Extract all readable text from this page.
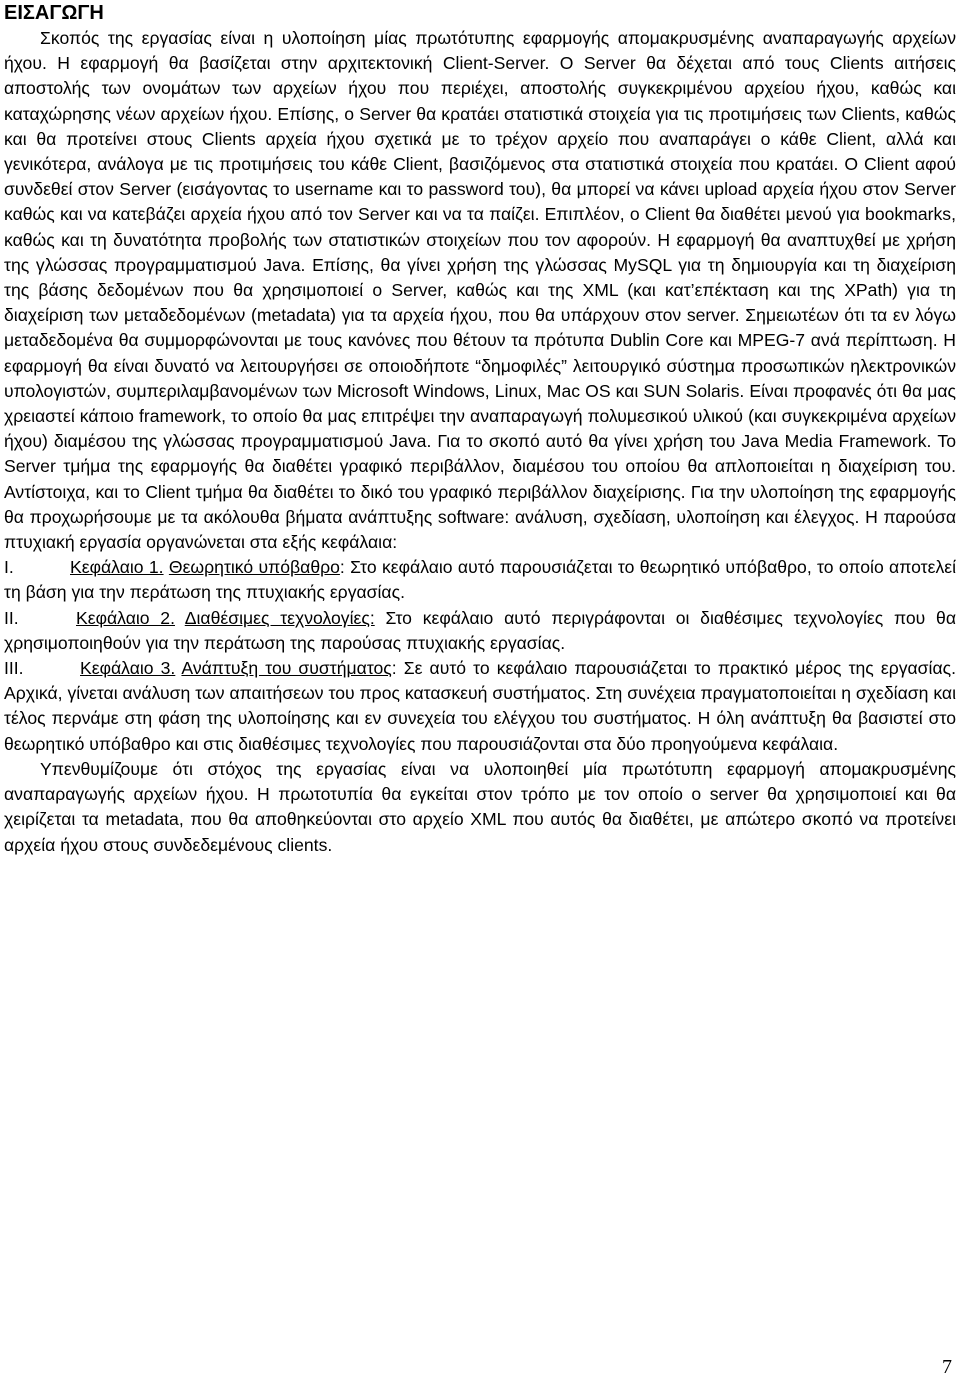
ΕΙΣΑΓΩΓΗ

Σκοπός της εργασίας είναι η υλοποίηση μίας πρωτότυπης εφαρμογής απομακρυσμένης αναπαραγωγής αρχείων ήχου. Η εφαρμογή θα βασίζεται στην αρχιτεκτονική Client-Server. O Server θα δέχεται από τους Clients αιτήσεις αποστολής των ονομάτων των αρχείων ήχου που περιέχει, αποστολής συγκεκριμένου αρχείου ήχου, καθώς και καταχώρησης νέων αρχείων ήχου. Επίσης, ο Server θα κρατάει στατιστικά στοιχεία για τις προτιμήσεις των Clients, καθώς και θα προτείνει στους Clients αρχεία ήχου σχετικά με το τρέχον αρχείο που αναπαράγει ο κάθε Client, αλλά και γενικότερα, ανάλογα με τις προτιμήσεις του κάθε Client, βασιζόμενος στα στατιστικά στοιχεία που κρατάει. Ο Client αφού συνδεθεί στον Server (εισάγοντας το username και το password του), θα μπορεί να κάνει upload αρχεία ήχου στον Server καθώς και να κατεβάζει αρχεία ήχου από τον Server και να τα παίζει. Επιπλέον, ο Client θα διαθέτει μενού για bookmarks, καθώς και τη δυνατότητα προβολής των στατιστικών στοιχείων που τον αφορούν. Η εφαρμογή θα αναπτυχθεί με χρήση της γλώσσας προγραμματισμού Java. Επίσης, θα γίνει χρήση της γλώσσας MySQL για τη δημιουργία και τη διαχείριση της βάσης δεδομένων που θα χρησιμοποιεί ο Server, καθώς και της XML (και κατ’επέκταση και της XPath) για τη διαχείριση των μεταδεδομένων (metadata) για τα αρχεία ήχου, που θα υπάρχουν στον server. Σημειωτέων ότι τα εν λόγω μεταδεδομένα θα συμμορφώνονται με τους κανόνες που θέτουν τα πρότυπα Dublin Core και MPEG-7 ανά περίπτωση. Η εφαρμογή θα είναι δυνατό να λειτουργήσει σε οποιοδήποτε “δημοφιλές” λειτουργικό σύστημα προσωπικών ηλεκτρονικών υπολογιστών, συμπεριλαμβανομένων των Microsoft Windows, Linux, Mac OS και SUN Solaris. Είναι προφανές ότι θα μας χρειαστεί κάποιο framework, το οποίο θα μας επιτρέψει την αναπαραγωγή πολυμεσικού υλικού (και συγκεκριμένα αρχείων ήχου) διαμέσου της γλώσσας προγραμματισμού Java. Για το σκοπό αυτό θα γίνει χρήση του Java Media Framework. Το Server τμήμα της εφαρμογής θα διαθέτει γραφικό περιβάλλον, διαμέσου του οποίου θα απλοποιείται η διαχείριση του. Αντίστοιχα, και το Client τμήμα θα διαθέτει το δικό του γραφικό περιβάλλον διαχείρισης. Για την υλοποίηση της εφαρμογής θα προχωρήσουμε με τα ακόλουθα βήματα ανάπτυξης software: ανάλυση, σχεδίαση, υλοποίηση και έλεγχος. Η παρούσα πτυχιακή εργασία οργανώνεται στα εξής κεφάλαια:

I.	Κεφάλαιο 1. Θεωρητικό υπόβαθρο: Στο κεφάλαιο αυτό παρουσιάζεται το θεωρητικό υπόβαθρο, το οποίο αποτελεί τη βάση για την περάτωση της πτυχιακής εργασίας.

II.	Κεφάλαιο 2. Διαθέσιμες τεχνολογίες: Στο κεφάλαιο αυτό περιγράφονται οι διαθέσιμες τεχνολογίες που θα χρησιμοποιηθούν για την περάτωση της παρούσας πτυχιακής εργασίας.

III.	Κεφάλαιο 3. Ανάπτυξη του συστήματος: Σε αυτό το κεφάλαιο παρουσιάζεται το πρακτικό μέρος της εργασίας. Αρχικά, γίνεται ανάλυση των απαιτήσεων του προς κατασκευή συστήματος. Στη συνέχεια πραγματοποιείται η σχεδίαση και τέλος περνάμε στη φάση της υλοποίησης και εν συνεχεία του ελέγχου του συστήματος. Η όλη ανάπτυξη θα βασιστεί στο θεωρητικό υπόβαθρο και στις διαθέσιμες τεχνολογίες που παρουσιάζονται στα δύο προηγούμενα κεφάλαια.

Υπενθυμίζουμε ότι στόχος της εργασίας είναι να υλοποιηθεί μία πρωτότυπη εφαρμογή απομακρυσμένης αναπαραγωγής αρχείων ήχου. Η πρωτοτυπία θα εγκείται στον τρόπο με τον οποίο ο server θα χρησιμοποιεί και θα χειρίζεται τα metadata, που θα αποθηκεύονται στο αρχείο XML που αυτός θα διαθέτει, με απώτερο σκοπό να προτείνει αρχεία ήχου στους συνδεδεμένους clients.

7
